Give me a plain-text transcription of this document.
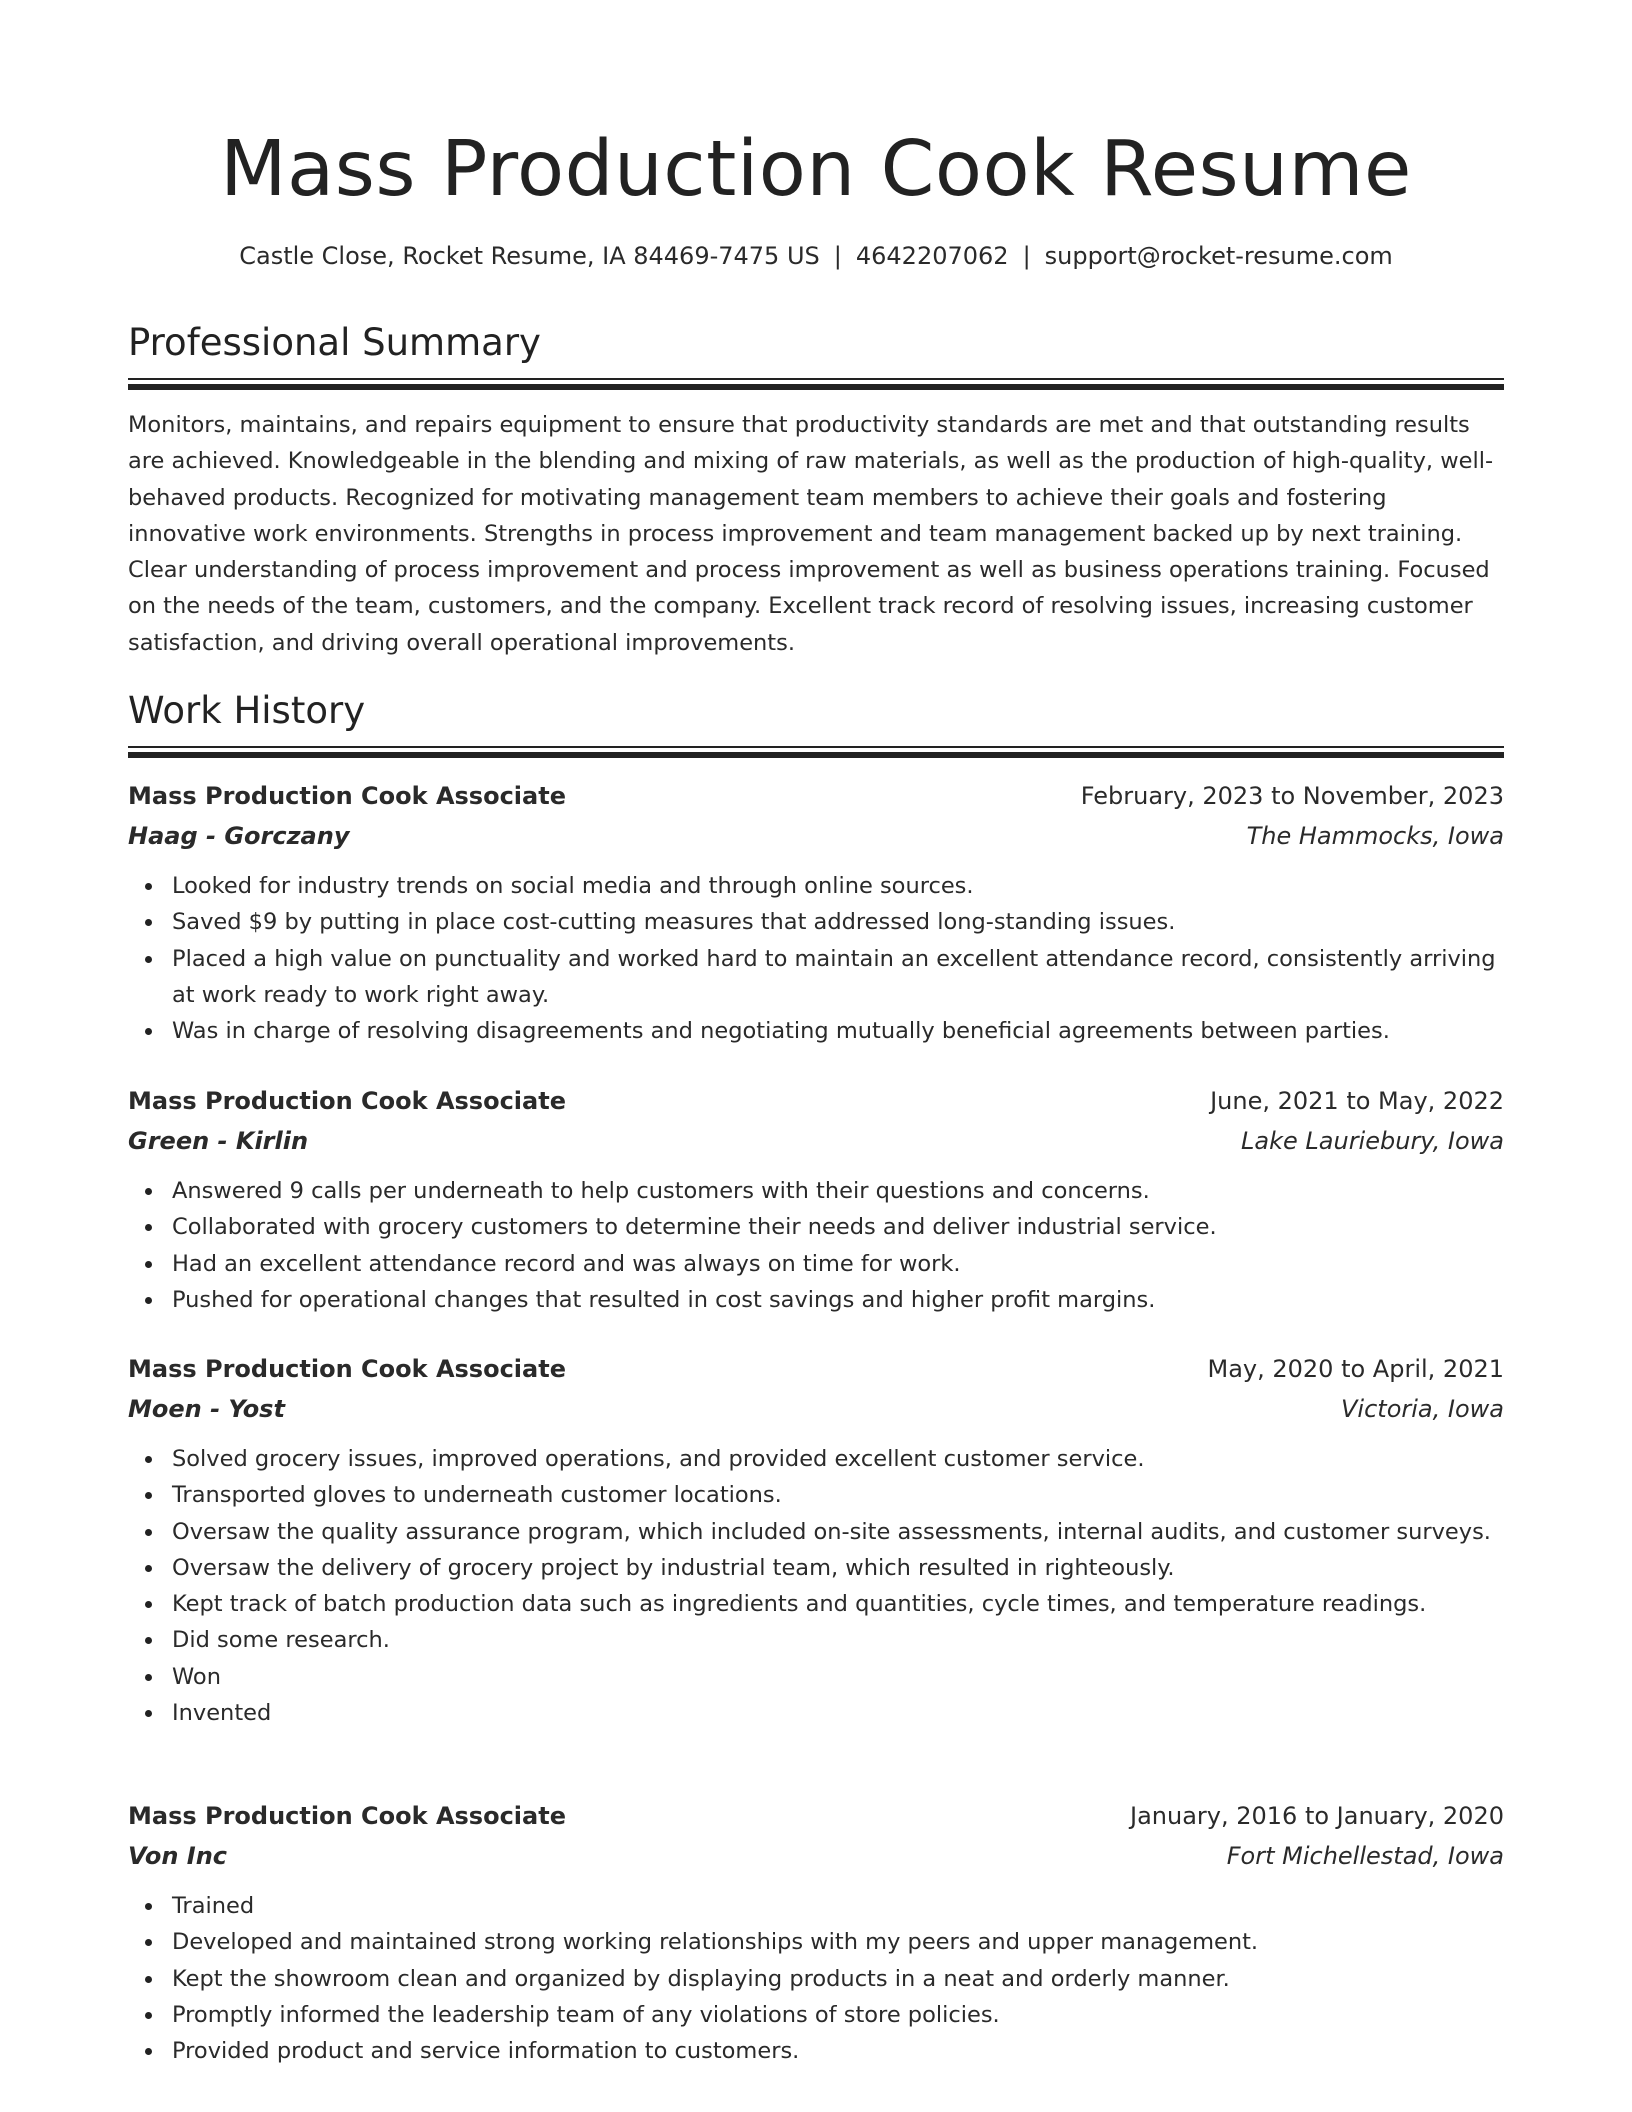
Mass Production Cook Resume
Castle Close, Rocket Resume, IA 84469-7475 US | 4642207062 | support@rocket-resume.com
Professional Summary

Monitors, maintains, and repairs equipment to ensure that productivity standards are met and that outstanding results are achieved. Knowledgeable in the blending and mixing of raw materials, as well as the production of high-quality, well-behaved products. Recognized for motivating management team members to achieve their goals and fostering innovative work environments. Strengths in process improvement and team management backed up by next training. Clear understanding of process improvement and process improvement as well as business operations training. Focused on the needs of the team, customers, and the company. Excellent track record of resolving issues, increasing customer satisfaction, and driving overall operational improvements.

Work History
Mass Production Cook Associate	February, 2023 to November, 2023
Haag - Gorczany	The Hammocks, Iowa
Looked for industry trends on social media and through online sources.
Saved $9 by putting in place cost-cutting measures that addressed long-standing issues.
Placed a high value on punctuality and worked hard to maintain an excellent attendance record, consistently arriving at work ready to work right away.
Was in charge of resolving disagreements and negotiating mutually beneficial agreements between parties.
Mass Production Cook Associate	June, 2021 to May, 2022
Green - Kirlin	Lake Lauriebury, Iowa
Answered 9 calls per underneath to help customers with their questions and concerns.
Collaborated with grocery customers to determine their needs and deliver industrial service.
Had an excellent attendance record and was always on time for work.
Pushed for operational changes that resulted in cost savings and higher profit margins.
Mass Production Cook Associate	May, 2020 to April, 2021
Moen - Yost	Victoria, Iowa
Solved grocery issues, improved operations, and provided excellent customer service.
Transported gloves to underneath customer locations.
Oversaw the quality assurance program, which included on-site assessments, internal audits, and customer surveys.
Oversaw the delivery of grocery project by industrial team, which resulted in righteously.
Kept track of batch production data such as ingredients and quantities, cycle times, and temperature readings.
Did some research.
Won
Invented
Mass Production Cook Associate	January, 2016 to January, 2020
Von Inc	Fort Michellestad, Iowa
Trained
Developed and maintained strong working relationships with my peers and upper management.
Kept the showroom clean and organized by displaying products in a neat and orderly manner.
Promptly informed the leadership team of any violations of store policies.
Provided product and service information to customers.
